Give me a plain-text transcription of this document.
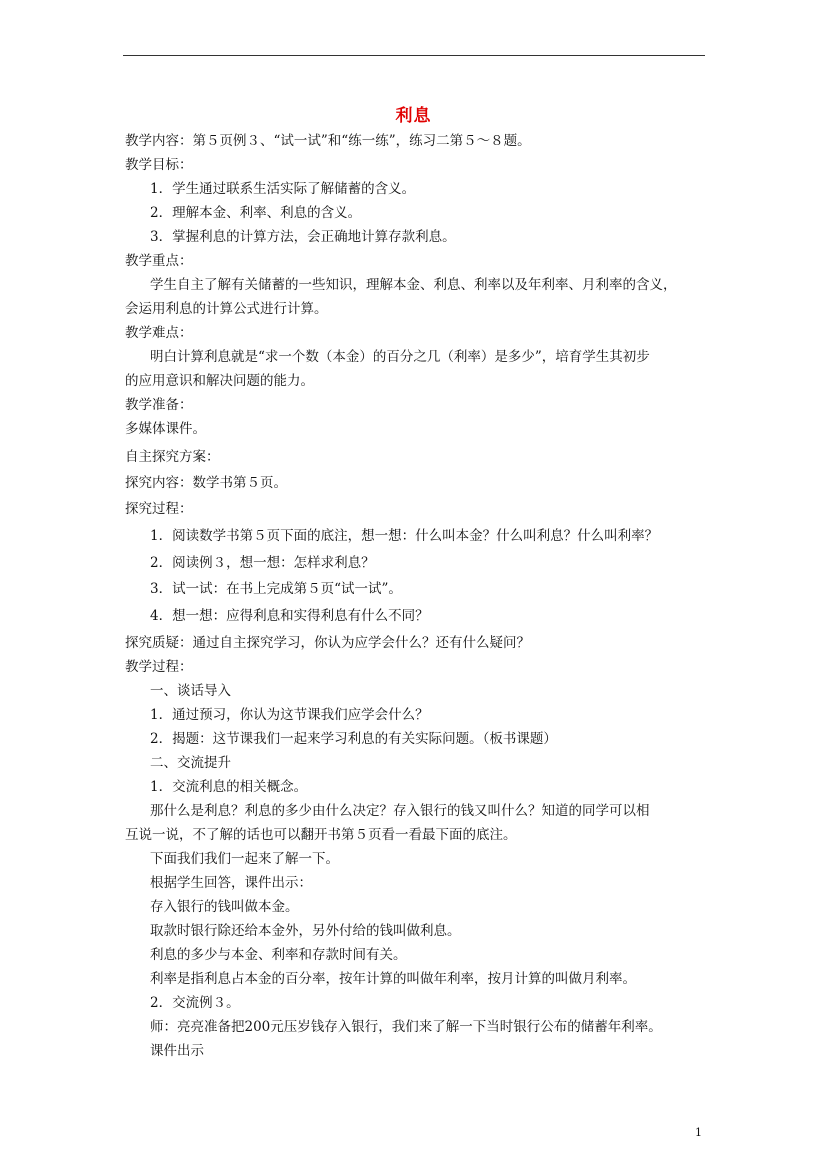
利息
教学内容：第５页例３、“试一试”和“练一练”，练习二第５～８题。
教学目标：
1．学生通过联系生活实际了解储蓄的含义。
2．理解本金、利率、利息的含义。
3．掌握利息的计算方法，会正确地计算存款利息。
教学重点：
学生自主了解有关储蓄的一些知识，理解本金、利息、利率以及年利率、月利率的含义，
会运用利息的计算公式进行计算。
教学难点：
明白计算利息就是“求一个数（本金）的百分之几（利率）是多少”，培育学生其初步
的应用意识和解决问题的能力。
教学准备：
多媒体课件。
自主探究方案：
探究内容：数学书第５页。
探究过程：
1．阅读数学书第５页下面的底注，想一想：什么叫本金？什么叫利息？什么叫利率？
2．阅读例３，想一想：怎样求利息？
3．试一试：在书上完成第５页“试一试”。
4．想一想：应得利息和实得利息有什么不同？
探究质疑：通过自主探究学习，你认为应学会什么？还有什么疑问？
教学过程：
一、谈话导入
1．通过预习，你认为这节课我们应学会什么？
2．揭题：这节课我们一起来学习利息的有关实际问题。（板书课题）
二、交流提升
1．交流利息的相关概念。
那什么是利息？利息的多少由什么决定？存入银行的钱又叫什么？知道的同学可以相
互说一说，不了解的话也可以翻开书第５页看一看最下面的底注。
下面我们我们一起来了解一下。
根据学生回答，课件出示：
存入银行的钱叫做本金。
取款时银行除还给本金外，另外付给的钱叫做利息。
利息的多少与本金、利率和存款时间有关。
利率是指利息占本金的百分率，按年计算的叫做年利率，按月计算的叫做月利率。
2．交流例３。
师：亮亮准备把200元压岁钱存入银行，我们来了解一下当时银行公布的储蓄年利率。
课件出示
1
